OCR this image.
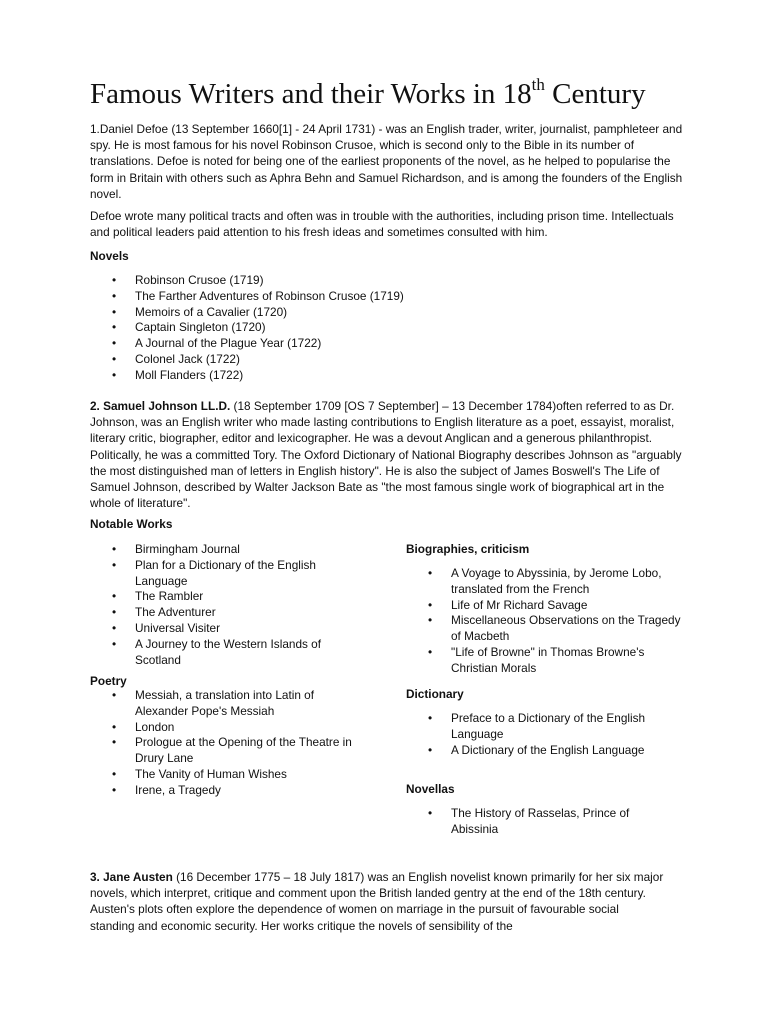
Famous Writers and their Works in 18th Century

1.Daniel Defoe (13 September 1660[1] - 24 April 1731) - was an English trader, writer, journalist, pamphleteer and spy. He is most famous for his novel Robinson Crusoe, which is second only to the Bible in its number of translations. Defoe is noted for being one of the earliest proponents of the novel, as he helped to popularise the form in Britain with others such as Aphra Behn and Samuel Richardson, and is among the founders of the English novel.

Defoe wrote many political tracts and often was in trouble with the authorities, including prison time. Intellectuals and political leaders paid attention to his fresh ideas and sometimes consulted with him.

Novels

• Robinson Crusoe (1719)
• The Farther Adventures of Robinson Crusoe (1719)
• Memoirs of a Cavalier (1720)
• Captain Singleton (1720)
• A Journal of the Plague Year (1722)
• Colonel Jack (1722)
• Moll Flanders (1722)

2. Samuel Johnson LL.D. (18 September 1709 [OS 7 September] – 13 December 1784)often referred to as Dr. Johnson, was an English writer who made lasting contributions to English literature as a poet, essayist, moralist, literary critic, biographer, editor and lexicographer. He was a devout Anglican and a generous philanthropist. Politically, he was a committed Tory. The Oxford Dictionary of National Biography describes Johnson as "arguably the most distinguished man of letters in English history". He is also the subject of James Boswell's The Life of Samuel Johnson, described by Walter Jackson Bate as "the most famous single work of biographical art in the whole of literature".

Notable Works

• Birmingham Journal
• Plan for a Dictionary of the English Language
• The Rambler
• The Adventurer
• Universal Visiter
• A Journey to the Western Islands of Scotland

Poetry

• Messiah, a translation into Latin of Alexander Pope's Messiah
• London
• Prologue at the Opening of the Theatre in Drury Lane
• The Vanity of Human Wishes
• Irene, a Tragedy

Biographies, criticism

• A Voyage to Abyssinia, by Jerome Lobo, translated from the French
• Life of Mr Richard Savage
• Miscellaneous Observations on the Tragedy of Macbeth
• "Life of Browne" in Thomas Browne's Christian Morals

Dictionary

• Preface to a Dictionary of the English Language
• A Dictionary of the English Language

Novellas

• The History of Rasselas, Prince of Abissinia

3. Jane Austen (16 December 1775 – 18 July 1817) was an English novelist known primarily for her six major novels, which interpret, critique and comment upon the British landed gentry at the end of the 18th century. Austen's plots often explore the dependence of women on marriage in the pursuit of favourable social standing and economic security. Her works critique the novels of sensibility of the
